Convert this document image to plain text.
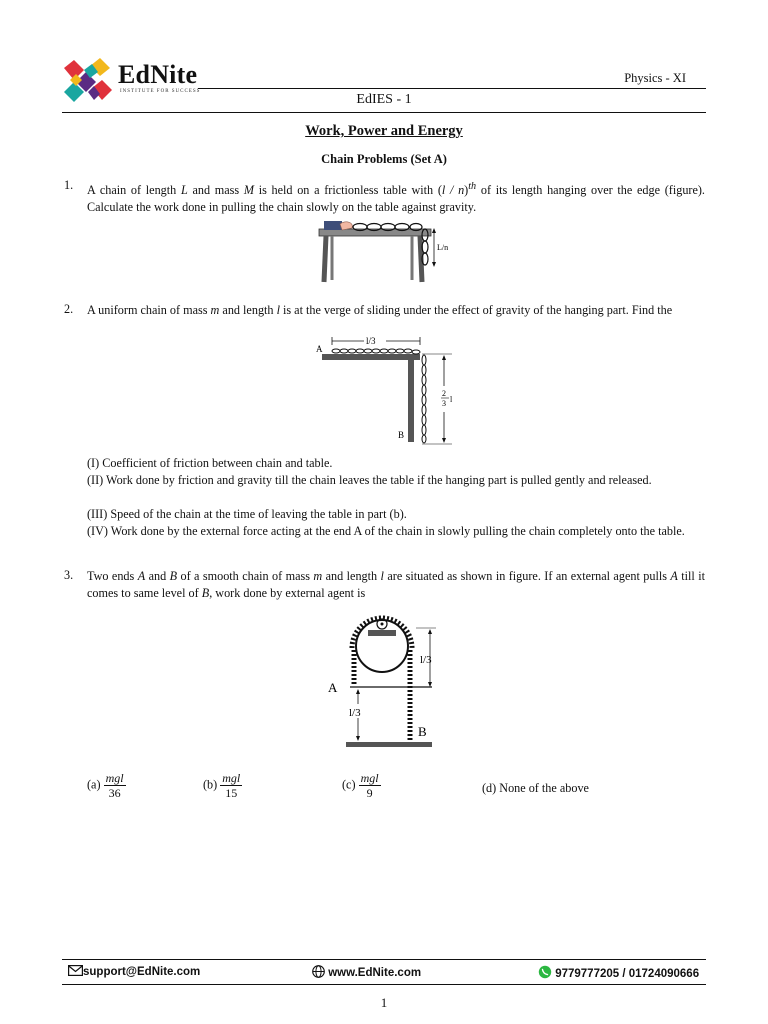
EdNite
INSTITUTE FOR SUCCESS
Physics - XI
EdIES - 1
Work, Power and Energy
Chain Problems (Set A)
1. A chain of length L and mass M is held on a frictionless table with (l / n)$^{th}$ of its length hanging over the edge (figure). Calculate the work done in pulling the chain slowly on the table against gravity.
L/n
2. A uniform chain of mass m and length l is at the verge of sliding under the effect of gravity of the hanging part. Find the
A
B
l/3
2
3 l
(I) Coefficient of friction between chain and table.
(II) Work done by friction and gravity till the chain leaves the table if the hanging part is pulled gently and released.
(III) Speed of the chain at the time of leaving the table in part (b).
(IV) Work done by the external force acting at the end A of the chain in slowly pulling the chain completely onto the table.
3. Two ends A and B of a smooth chain of mass m and length l are situated as shown in figure. If an external agent pulls A till it comes to same level of B, work done by external agent is
l/3
A
l/3
B
$(a) \frac{\text{mgl}}{36}$	$(b) \frac{\text{mgl}}{15}$	$(c) \frac{\text{mgl}}{9}$	(d) None of the above
support@EdNite.com	www.EdNite.com	9779777205 / 01724090666
1
